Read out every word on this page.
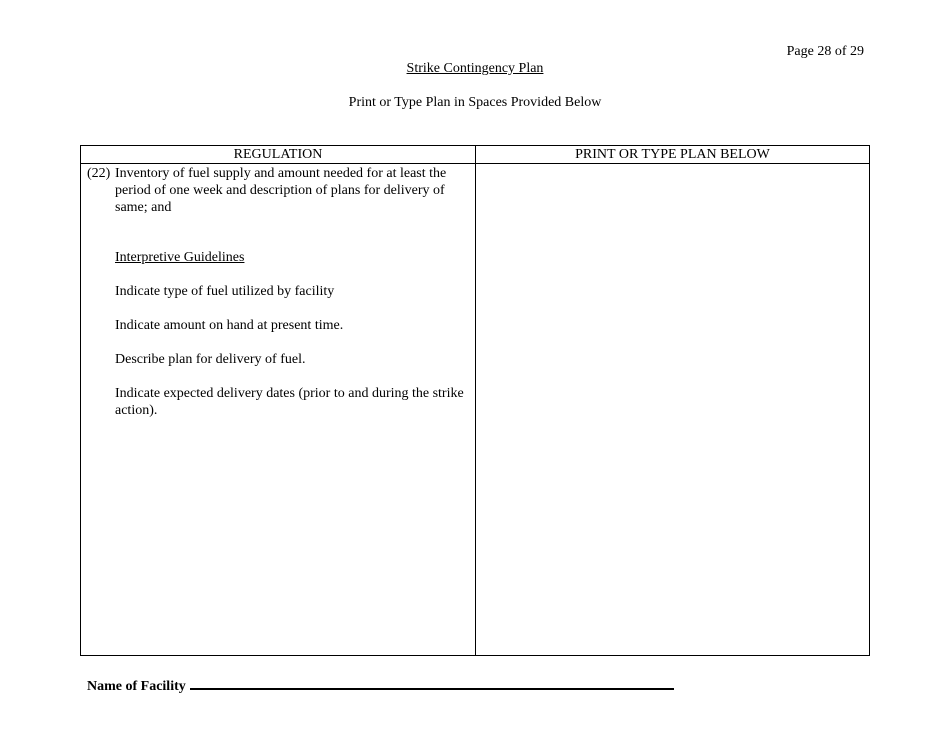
Page 28 of 29
Strike Contingency Plan
Print or Type Plan in Spaces Provided Below
REGULATION	PRINT OR TYPE PLAN BELOW

(22) Inventory of fuel supply and amount needed for at least the period of one week and description of plans for delivery of same; and

Interpretive Guidelines

Indicate type of fuel utilized by facility

Indicate amount on hand at present time.

Describe plan for delivery of fuel.

Indicate expected delivery dates (prior to and during the strike action).

Name of Facility
